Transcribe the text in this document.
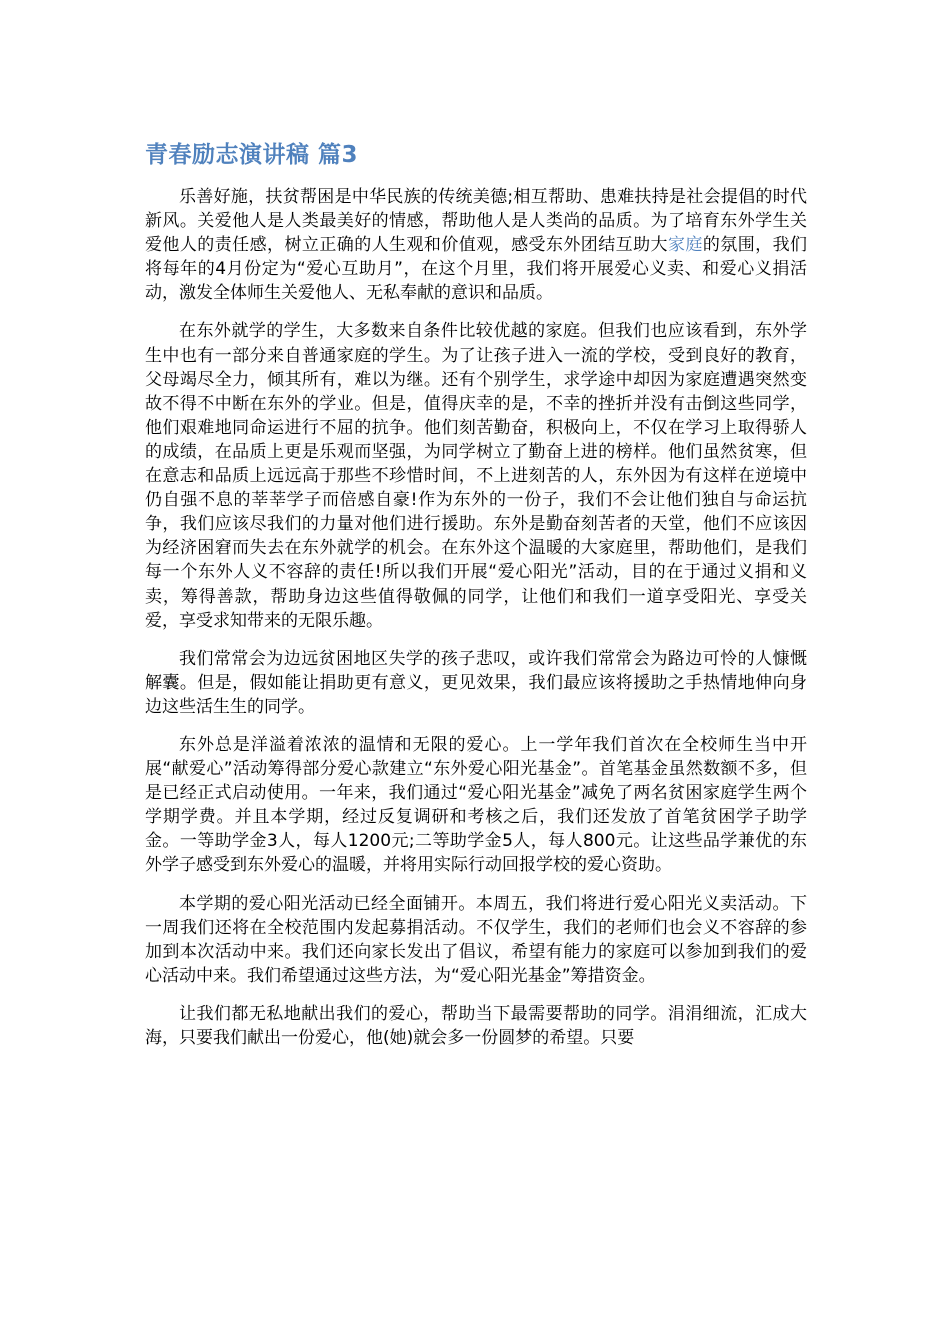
青春励志演讲稿 篇3

乐善好施，扶贫帮困是中华民族的传统美德;相互帮助、患难扶持是社会提倡的时代新风。关爱他人是人类最美好的情感，帮助他人是人类尚的品质。为了培育东外学生关爱他人的责任感，树立正确的人生观和价值观，感受东外团结互助大家庭的氛围，我们将每年的4月份定为“爱心互助月”，在这个月里，我们将开展爱心义卖、和爱心义捐活动，激发全体师生关爱他人、无私奉献的意识和品质。

在东外就学的学生，大多数来自条件比较优越的家庭。但我们也应该看到，东外学生中也有一部分来自普通家庭的学生。为了让孩子进入一流的学校，受到良好的教育，父母竭尽全力，倾其所有，难以为继。还有个别学生，求学途中却因为家庭遭遇突然变故不得不中断在东外的学业。但是，值得庆幸的是，不幸的挫折并没有击倒这些同学，他们艰难地同命运进行不屈的抗争。他们刻苦勤奋，积极向上，不仅在学习上取得骄人的成绩，在品质上更是乐观而坚强，为同学树立了勤奋上进的榜样。他们虽然贫寒，但在意志和品质上远远高于那些不珍惜时间，不上进刻苦的人，东外因为有这样在逆境中仍自强不息的莘莘学子而倍感自豪!作为东外的一份子，我们不会让他们独自与命运抗争，我们应该尽我们的力量对他们进行援助。东外是勤奋刻苦者的天堂，他们不应该因为经济困窘而失去在东外就学的机会。在东外这个温暖的大家庭里，帮助他们，是我们每一个东外人义不容辞的责任!所以我们开展“爱心阳光”活动，目的在于通过义捐和义卖，筹得善款，帮助身边这些值得敬佩的同学，让他们和我们一道享受阳光、享受关爱，享受求知带来的无限乐趣。

我们常常会为边远贫困地区失学的孩子悲叹，或许我们常常会为路边可怜的人慷慨解囊。但是，假如能让捐助更有意义，更见效果，我们最应该将援助之手热情地伸向身边这些活生生的同学。

东外总是洋溢着浓浓的温情和无限的爱心。上一学年我们首次在全校师生当中开展“献爱心”活动筹得部分爱心款建立“东外爱心阳光基金”。首笔基金虽然数额不多，但是已经正式启动使用。一年来，我们通过“爱心阳光基金”减免了两名贫困家庭学生两个学期学费。并且本学期，经过反复调研和考核之后，我们还发放了首笔贫困学子助学金。一等助学金3人，每人1200元;二等助学金5人，每人800元。让这些品学兼优的东外学子感受到东外爱心的温暖，并将用实际行动回报学校的爱心资助。

本学期的爱心阳光活动已经全面铺开。本周五，我们将进行爱心阳光义卖活动。下一周我们还将在全校范围内发起募捐活动。不仅学生，我们的老师们也会义不容辞的参加到本次活动中来。我们还向家长发出了倡议，希望有能力的家庭可以参加到我们的爱心活动中来。我们希望通过这些方法，为“爱心阳光基金”筹措资金。

让我们都无私地献出我们的爱心，帮助当下最需要帮助的同学。涓涓细流，汇成大海，只要我们献出一份爱心，他(她)就会多一份圆梦的希望。只要
